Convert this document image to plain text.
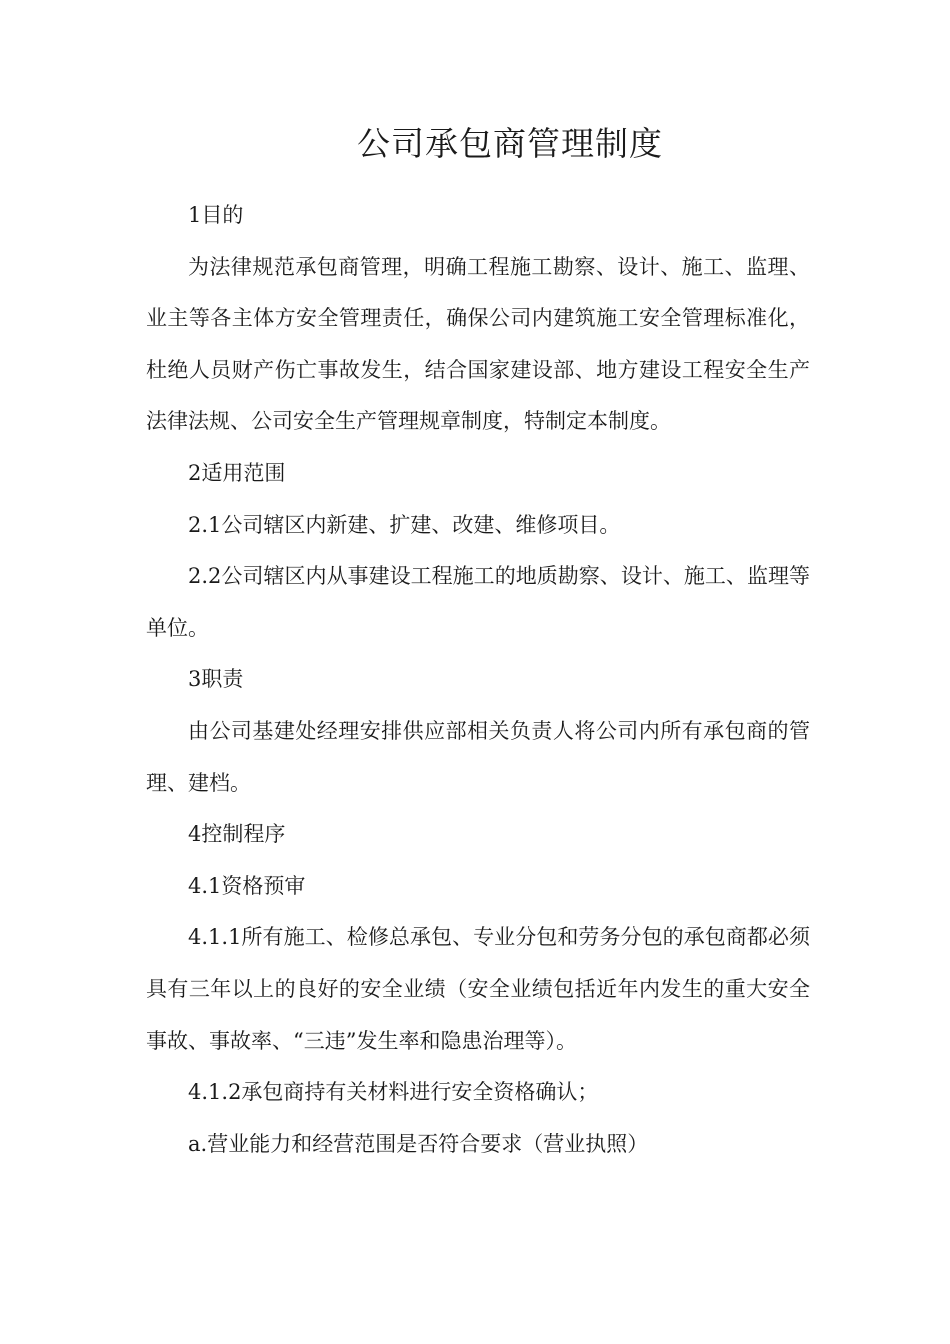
公司承包商管理制度

1目的

为法律规范承包商管理，明确工程施工勘察、设计、施工、监理、业主等各主体方安全管理责任，确保公司内建筑施工安全管理标准化，杜绝人员财产伤亡事故发生，结合国家建设部、地方建设工程安全生产法律法规、公司安全生产管理规章制度，特制定本制度。

2适用范围

2.1公司辖区内新建、扩建、改建、维修项目。

2.2公司辖区内从事建设工程施工的地质勘察、设计、施工、监理等单位。

3职责

由公司基建处经理安排供应部相关负责人将公司内所有承包商的管理、建档。

4控制程序

4.1资格预审

4.1.1所有施工、检修总承包、专业分包和劳务分包的承包商都必须具有三年以上的良好的安全业绩（安全业绩包括近年内发生的重大安全事故、事故率、“三违”发生率和隐患治理等）。

4.1.2承包商持有关材料进行安全资格确认；

a.营业能力和经营范围是否符合要求（营业执照）
